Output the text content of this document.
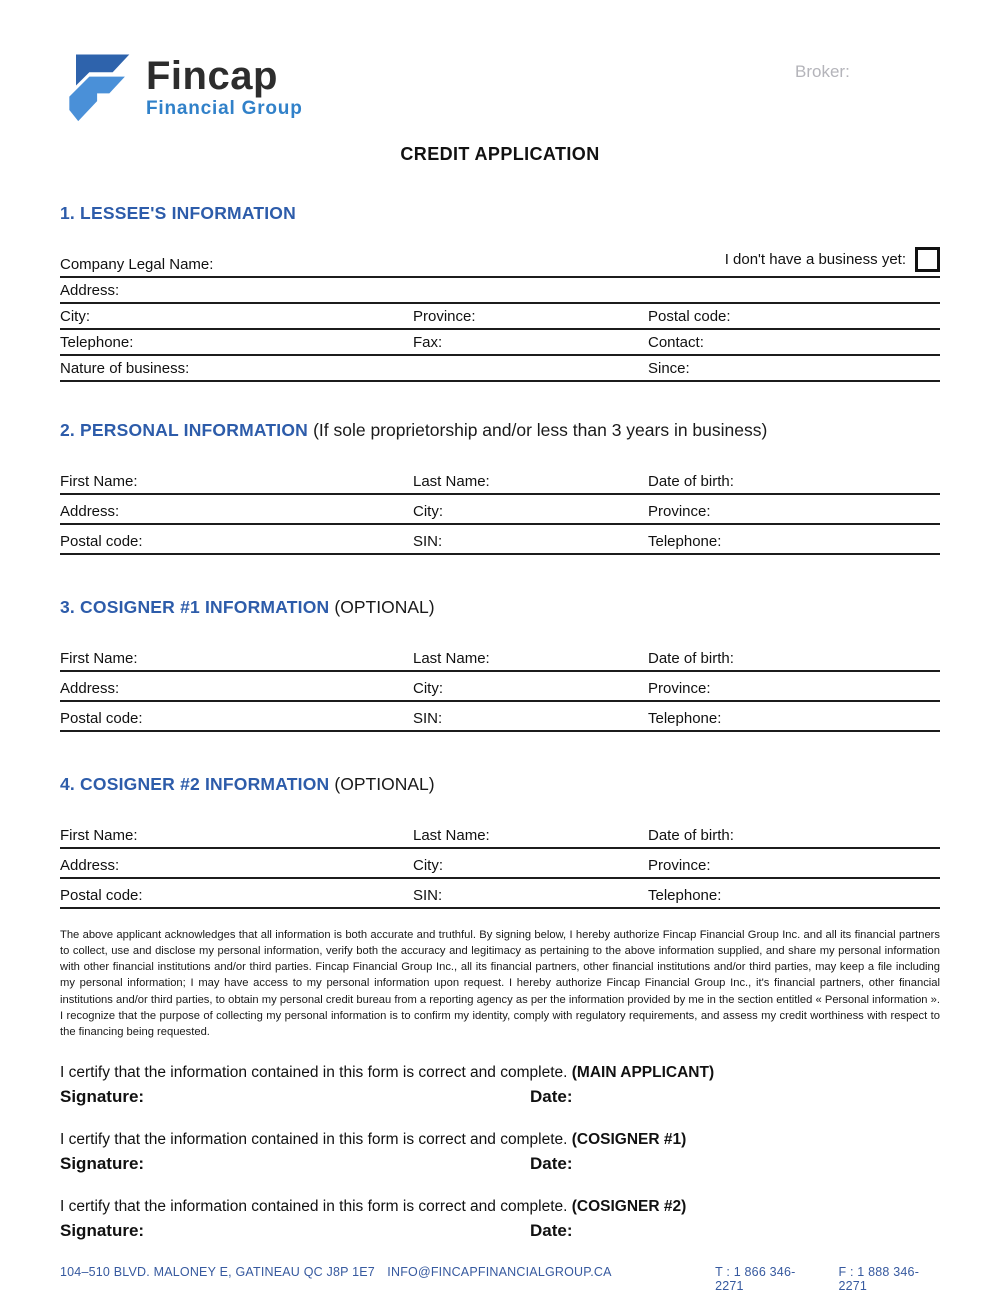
Fincap
Financial Group
Broker:
CREDIT APPLICATION
1. LESSEE'S INFORMATION
Company Legal Name:	I don't have a business yet:
Address:
City:	Province:	Postal code:
Telephone:	Fax:	Contact:
Nature of business:	Since:
2. PERSONAL INFORMATION (If sole proprietorship and/or less than 3 years in business)
First Name:	Last Name:	Date of birth:
Address:	City:	Province:
Postal code:	SIN:	Telephone:
3. COSIGNER #1 INFORMATION (OPTIONAL)
First Name:	Last Name:	Date of birth:
Address:	City:	Province:
Postal code:	SIN:	Telephone:
4. COSIGNER #2 INFORMATION (OPTIONAL)
First Name:	Last Name:	Date of birth:
Address:	City:	Province:
Postal code:	SIN:	Telephone:

The above applicant acknowledges that all information is both accurate and truthful. By signing below, I hereby authorize Fincap Financial Group Inc. and all its financial partners to collect, use and disclose my personal information, verify both the accuracy and legitimacy as pertaining to the above information supplied, and share my personal information with other financial institutions and/or third parties. Fincap Financial Group Inc., all its financial partners, other financial institutions and/or third parties, may keep a file including my personal information; I may have access to my personal information upon request. I hereby authorize Fincap Financial Group Inc., it's financial partners, other financial institutions and/or third parties, to obtain my personal credit bureau from a reporting agency as per the information provided by me in the section entitled « Personal information ». I recognize that the purpose of collecting my personal information is to confirm my identity, comply with regulatory requirements, and assess my credit worthiness with respect to the financing being requested.

I certify that the information contained in this form is correct and complete. (MAIN APPLICANT)

Signature:	Date:

I certify that the information contained in this form is correct and complete. (COSIGNER #1)

Signature:	Date:

I certify that the information contained in this form is correct and complete. (COSIGNER #2)

Signature:	Date:
104–510 BLVD. MALONEY E, GATINEAU QC J8P 1E7 INFO@FINCAPFINANCIALGROUP.CA	T : 1 866 346-2271
F : 1 888 346-2271
